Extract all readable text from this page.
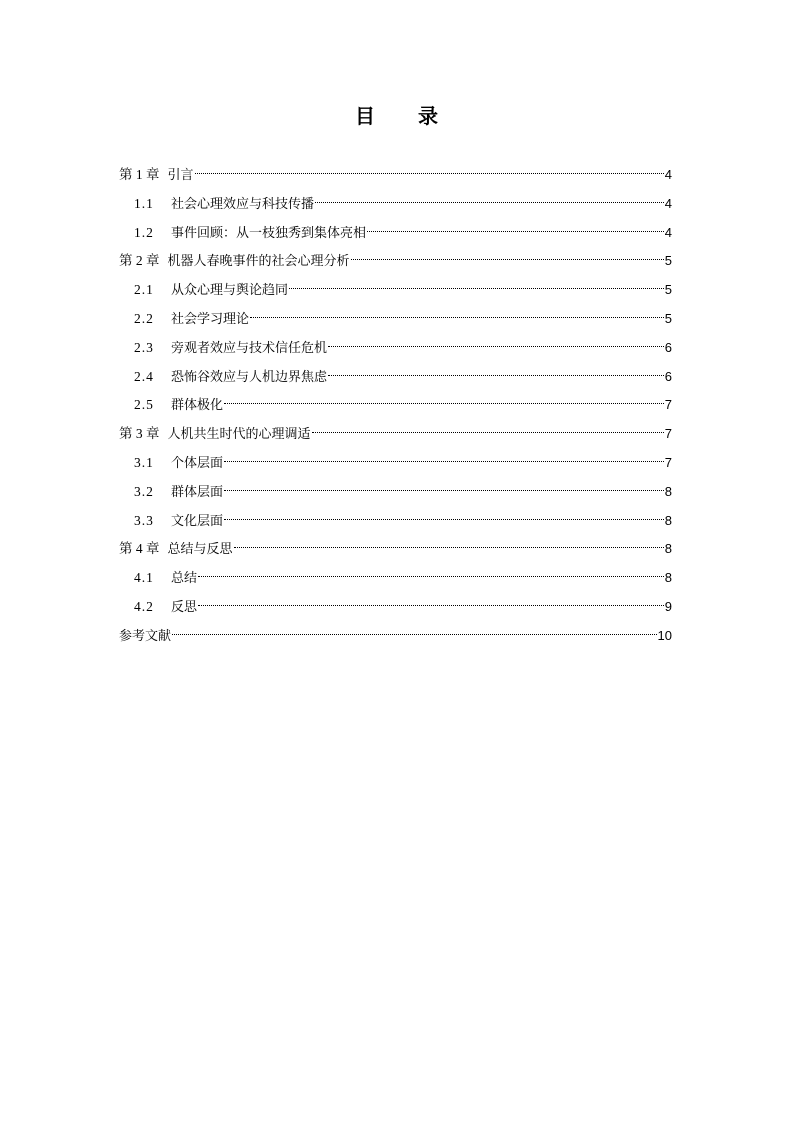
目 录
第 1 章 引言	4
1.1	社会心理效应与科技传播	4
1.2	事件回顾：从一枝独秀到集体亮相	4
第 2 章 机器人春晚事件的社会心理分析	5
2.1	从众心理与舆论趋同	5
2.2	社会学习理论	5
2.3	旁观者效应与技术信任危机	6
2.4	恐怖谷效应与人机边界焦虑	6
2.5	群体极化	7
第 3 章 人机共生时代的心理调适	7
3.1	个体层面	7
3.2	群体层面	8
3.3	文化层面	8
第 4 章 总结与反思	8
4.1	总结	8
4.2	反思	9
参考文献	10
